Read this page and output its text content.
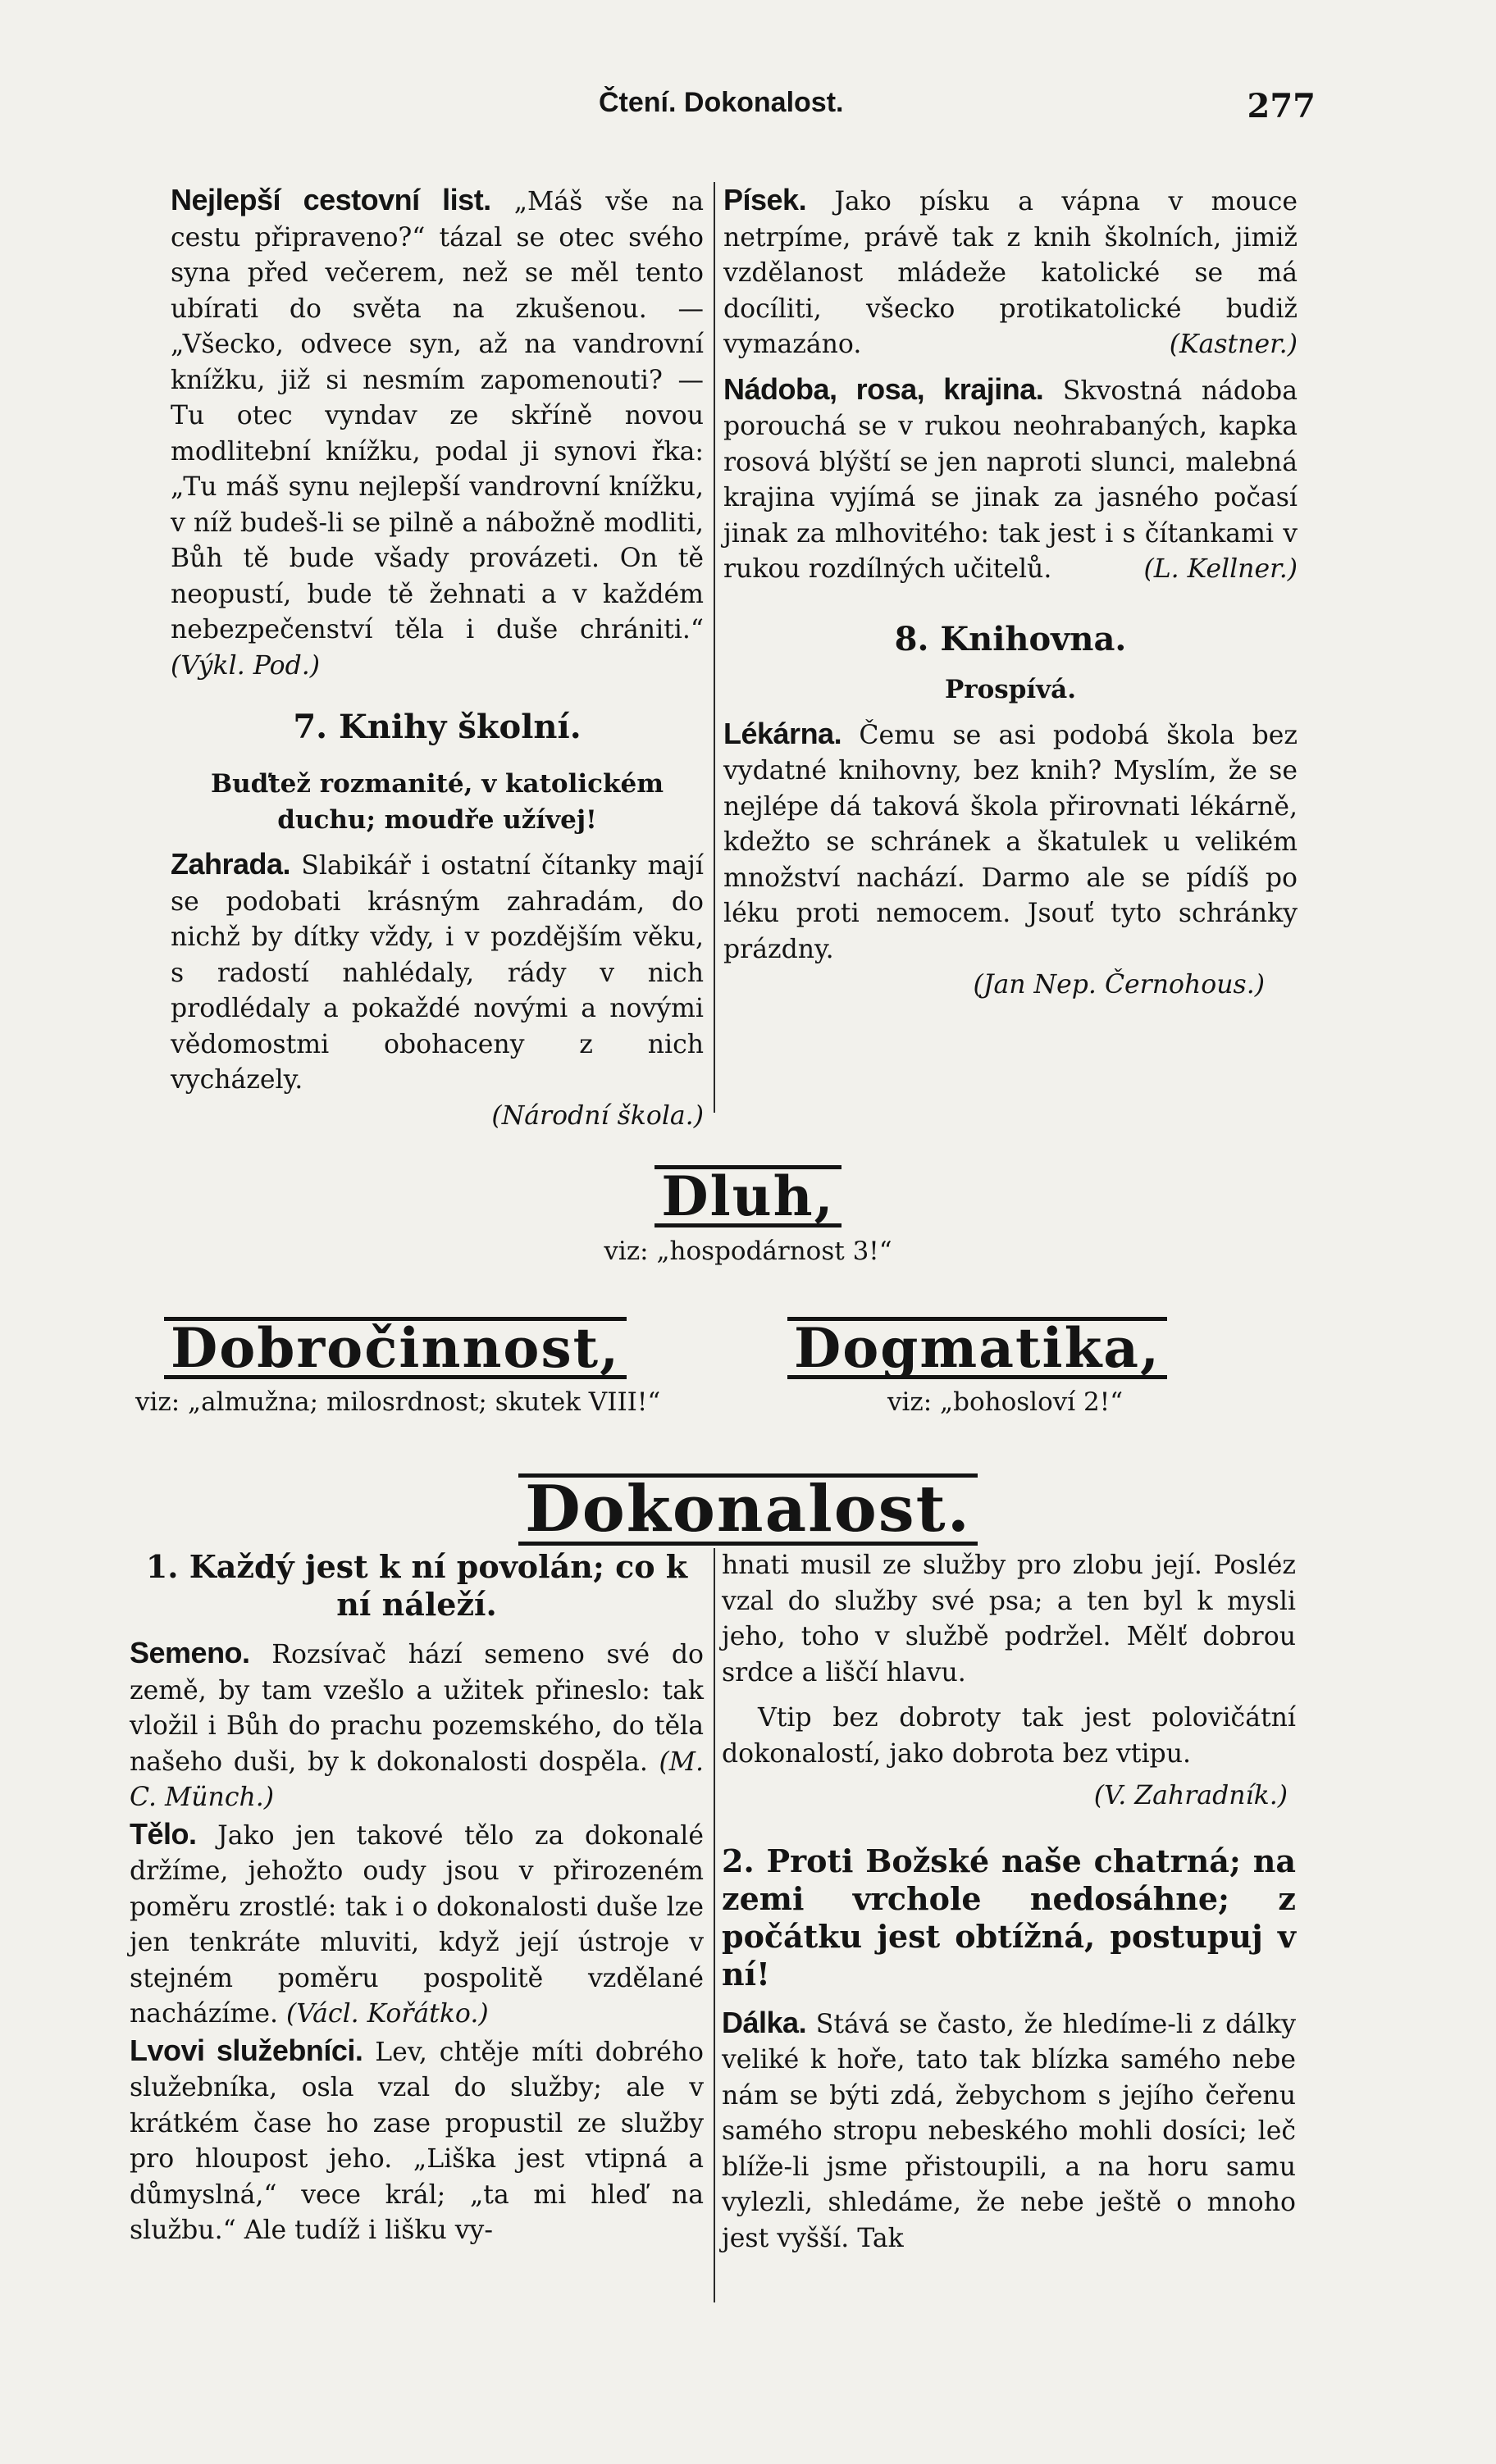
Čtení. Dokonalost.	277

Nejlepší cestovní list. „Máš vše na cestu připraveno?“ tázal se otec svého syna před večerem, než se měl tento ubírati do světa na zkušenou. — „Všecko, odvece syn, až na vandrovní knížku, již si nesmím zapomenouti? — Tu otec vyndav ze skříně novou modlitební knížku, podal ji synovi řka: „Tu máš synu nejlepší vandrovní knížku, v níž budeš-li se pilně a nábožně modliti, Bůh tě bude všady provázeti. On tě neopustí, bude tě žehnati a v každém nebezpečenství těla i duše chrániti.“ (Výkl. Pod.)

7. Knihy školní.

Buďtež rozmanité, v katolickém duchu; moudře užívej!

Zahrada. Slabikář i ostatní čítanky mají se podobati krásným zahradám, do nichž by dítky vždy, i v pozdějším věku, s radostí nahlédaly, rády v nich prodlédaly a pokaždé novými a novými vědomostmi obohaceny z nich vycházely.

(Národní škola.)

Písek. Jako písku a vápna v mouce netrpíme, právě tak z knih školních, jimiž vzdělanost mládeže katolické se má docíliti, všecko protikatolické budiž vymazáno.	(Kastner.)

Nádoba, rosa, krajina. Skvostná nádoba porouchá se v rukou neohrabaných, kapka rosová blýští se jen naproti slunci, malebná krajina vyjímá se jinak za jasného počasí jinak za mlhovitého: tak jest i s čítankami v rukou rozdílných učitelů.	(L. Kellner.)

8. Knihovna.

Prospívá.

Lékárna. Čemu se asi podobá škola bez vydatné knihovny, bez knih? Myslím, že se nejlépe dá taková škola přirovnati lékárně, kdežto se schránek a škatulek u velikém množství nachází. Darmo ale se pídíš po léku proti nemocem. Jsouť tyto schránky prázdny.

(Jan Nep. Černohous.)

Dluh,
viz: „hospodárnost 3!“
Dobročinnost,
viz: „almužna; milosrdnost; skutek VIII!“
Dogmatika,
viz: „bohosloví 2!“
Dokonalost.

1. Každý jest k ní povolán; co k ní náleží.

Semeno. Rozsívač hází semeno své do země, by tam vzešlo a užitek přineslo: tak vložil i Bůh do prachu pozemského, do těla našeho duši, by k dokonalosti dospěla. (M. C. Münch.)

Tělo. Jako jen takové tělo za dokonalé držíme, jehožto oudy jsou v přirozeném poměru zrostlé: tak i o dokonalosti duše lze jen tenkráte mluviti, když její ústroje v stejném poměru pospolitě vzdělané nacházíme. (Václ. Kořátko.)

Lvovi služebníci. Lev, chtěje míti dobrého služebníka, osla vzal do služby; ale v krátkém čase ho zase propustil ze služby pro hloupost jeho. „Liška jest vtipná a důmyslná,“ vece král; „ta mi hleď na službu.“ Ale tudíž i lišku vy-

hnati musil ze služby pro zlobu její. Posléz vzal do služby své psa; a ten byl k mysli jeho, toho v službě podržel. Mělť dobrou srdce a liščí hlavu.

Vtip bez dobroty tak jest polovičátní dokonalostí, jako dobrota bez vtipu.

(V. Zahradník.)

2. Proti Božské naše chatrná; na zemi vrchole nedosáhne; z počátku jest obtížná, postupuj v ní!

Dálka. Stává se často, že hledíme-li z dálky veliké k hoře, tato tak blízka samého nebe nám se býti zdá, žebychom s jejího čeřenu samého stropu nebeského mohli dosíci; leč blíže-li jsme přistoupili, a na horu samu vylezli, shledáme, že nebe ještě o mnoho jest vyšší. Tak
